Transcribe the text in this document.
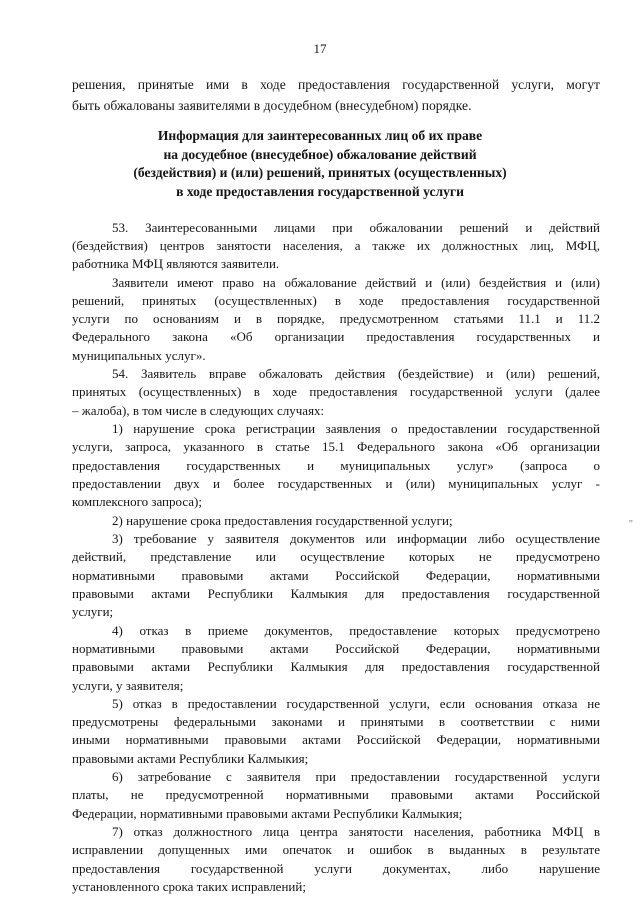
17
решения, принятые ими в ходе предоставления государственной услуги, могут
быть обжалованы заявителями в досудебном (внесудебном) порядке.
Информация для заинтересованных лиц об их праве
на досудебное (внесудебное) обжалование действий
(бездействия) и (или) решений, принятых (осуществленных)
в ходе предоставления государственной услуги
53. Заинтересованными лицами при обжаловании решений и действий
(бездействия) центров занятости населения, а также их должностных лиц, МФЦ,
работника МФЦ являются заявители.
Заявители имеют право на обжалование действий и (или) бездействия и (или)
решений, принятых (осуществленных) в ходе предоставления государственной
услуги по основаниям и в порядке, предусмотренном статьями 11.1 и 11.2
Федерального закона «Об организации предоставления государственных и
муниципальных услуг».
54. Заявитель вправе обжаловать действия (бездействие) и (или) решений,
принятых (осуществленных) в ходе предоставления государственной услуги (далее
– жалоба), в том числе в следующих случаях:
1) нарушение срока регистрации заявления о предоставлении государственной
услуги, запроса, указанного в статье 15.1 Федерального закона «Об организации
предоставления государственных и муниципальных услуг» (запроса о
предоставлении двух и более государственных и (или) муниципальных услуг -
комплексного запроса);
2) нарушение срока предоставления государственной услуги;
3) требование у заявителя документов или информации либо осуществление
действий, представление или осуществление которых не предусмотрено
нормативными правовыми актами Российской Федерации, нормативными
правовыми актами Республики Калмыкия для предоставления государственной
услуги;
4) отказ в приеме документов, предоставление которых предусмотрено
нормативными правовыми актами Российской Федерации, нормативными
правовыми актами Республики Калмыкия для предоставления государственной
услуги, у заявителя;
5) отказ в предоставлении государственной услуги, если основания отказа не
предусмотрены федеральными законами и принятыми в соответствии с ними
иными нормативными правовыми актами Российской Федерации, нормативными
правовыми актами Республики Калмыкия;
6) затребование с заявителя при предоставлении государственной услуги
платы, не предусмотренной нормативными правовыми актами Российской
Федерации, нормативными правовыми актами Республики Калмыкия;
7) отказ должностного лица центра занятости населения, работника МФЦ в
исправлении допущенных ими опечаток и ошибок в выданных в результате
предоставления государственной услуги документах, либо нарушение
установленного срока таких исправлений;
"
